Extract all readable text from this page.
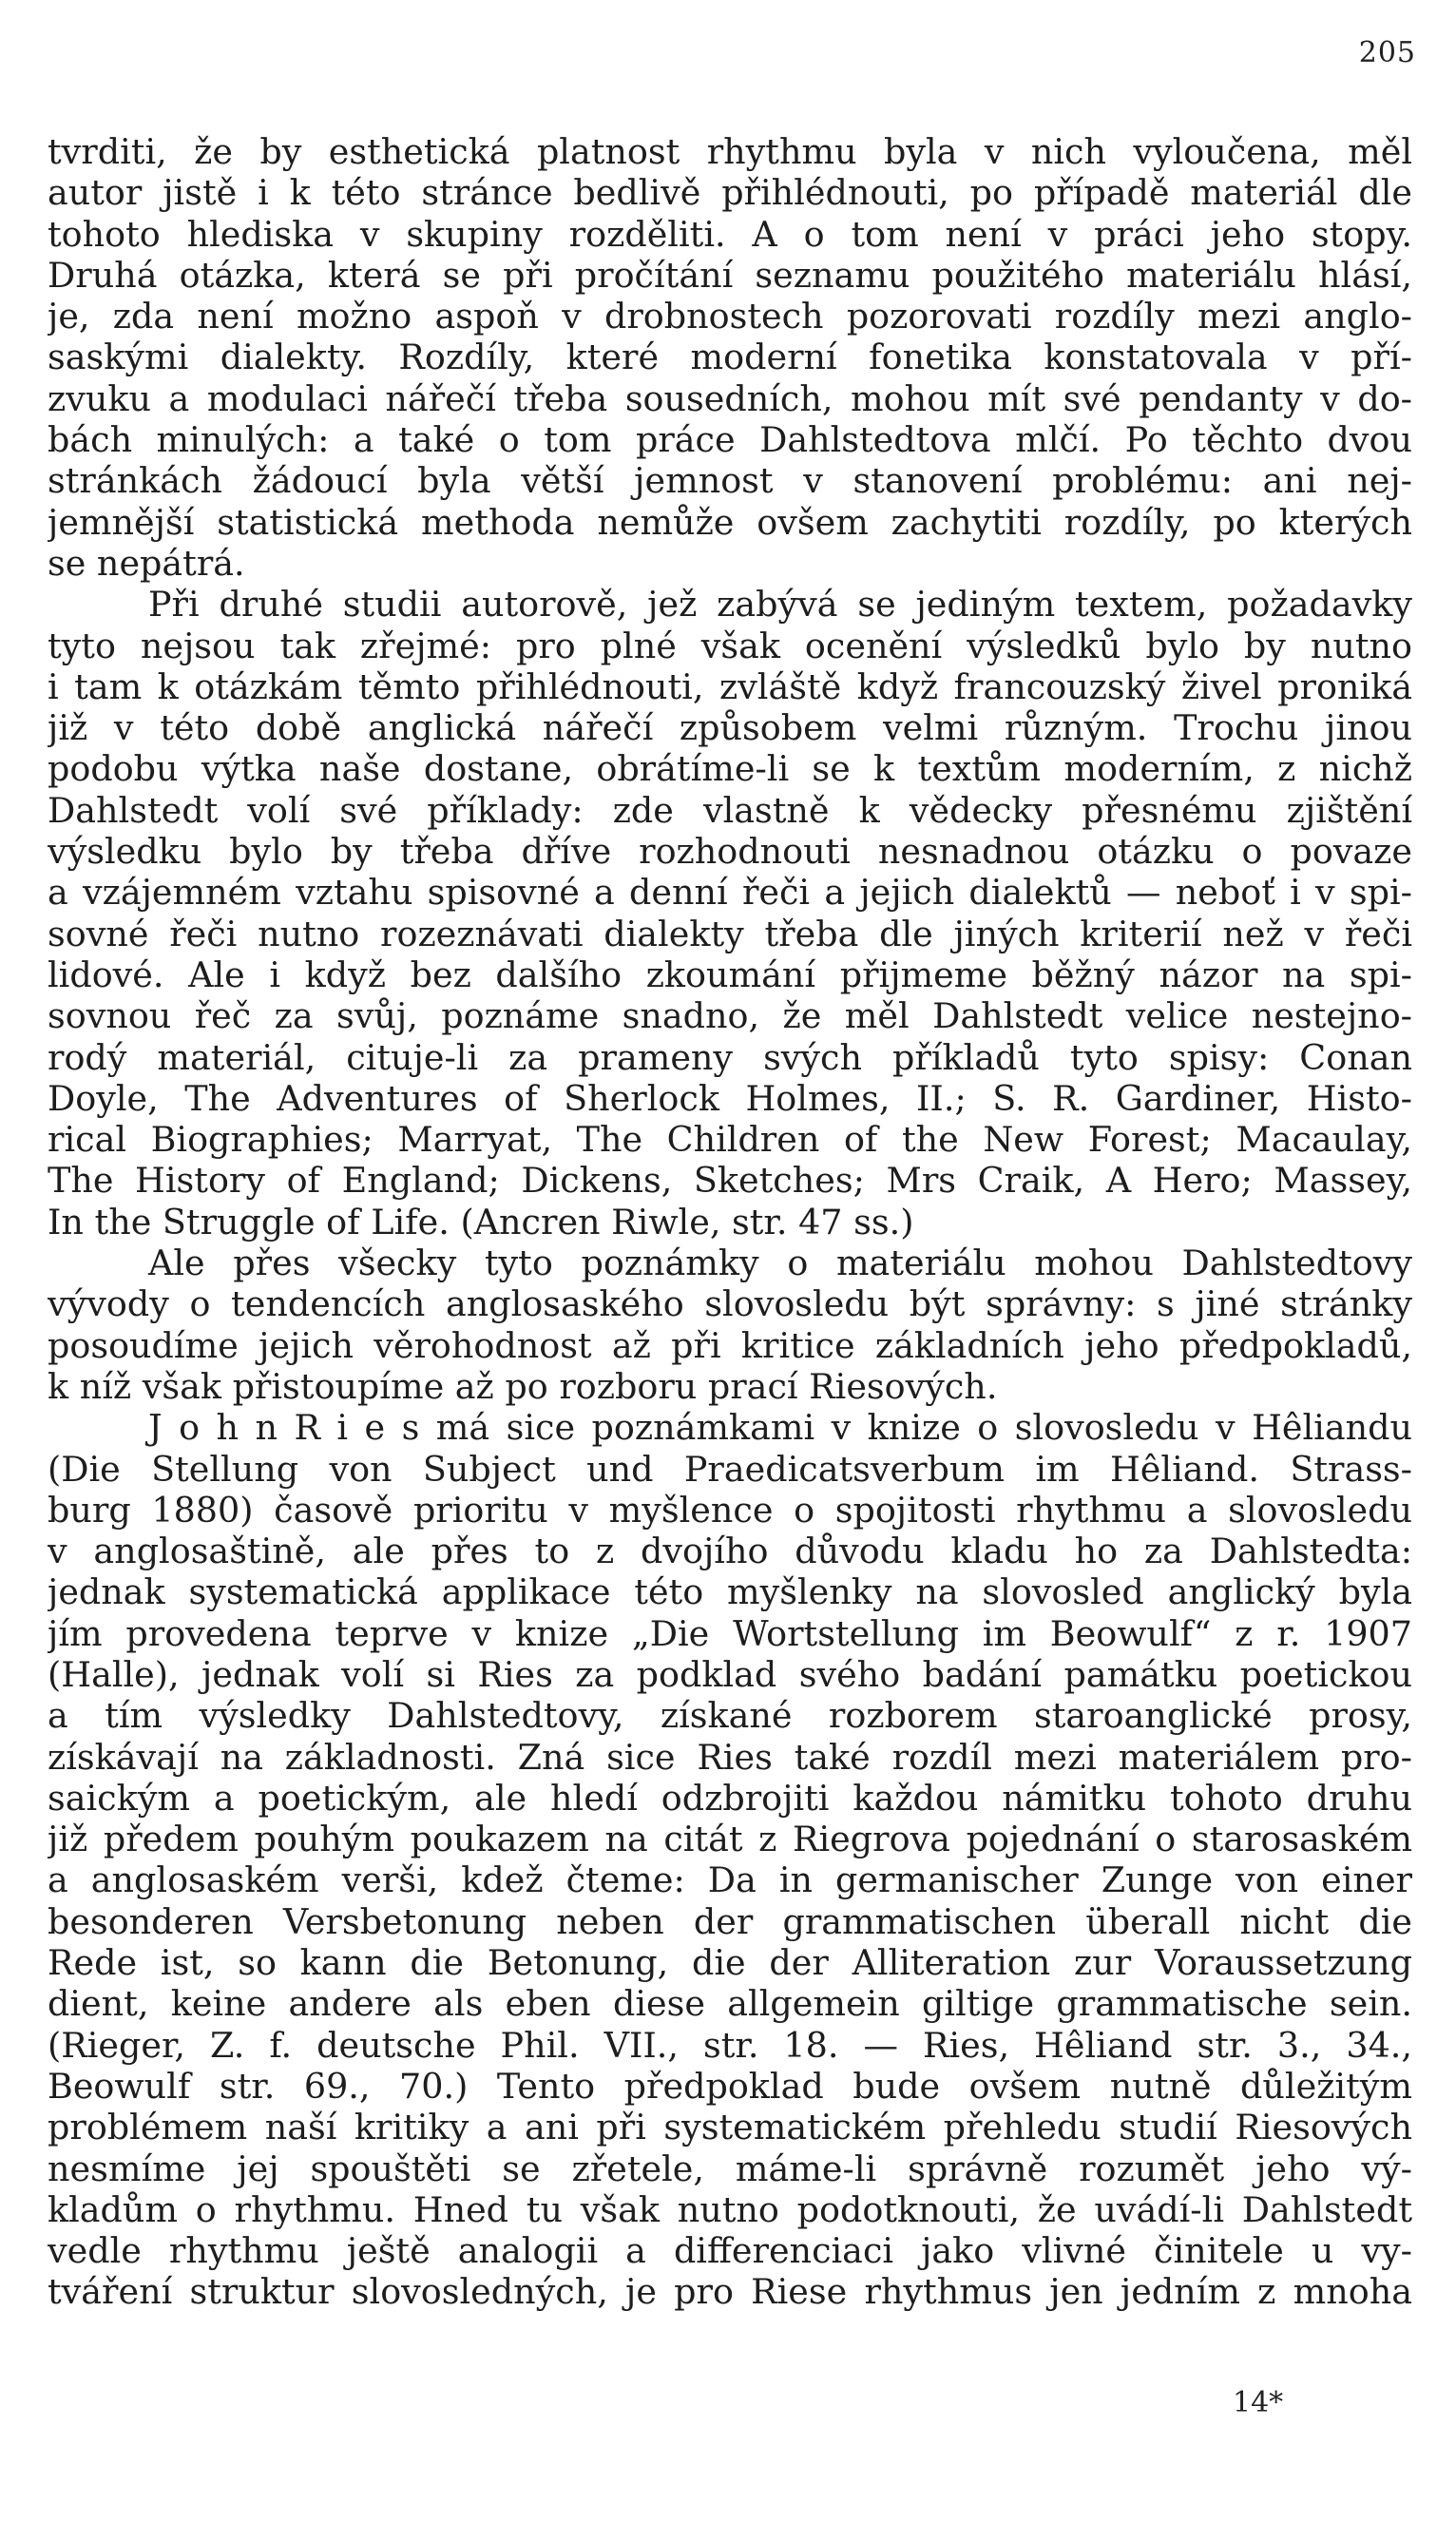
205
tvrditi, že by esthetická platnost rhythmu byla v nich vyloučena, měl
autor jistě i k této stránce bedlivě přihlédnouti, po případě materiál dle
tohoto hlediska v skupiny rozděliti. A o tom není v práci jeho stopy.
Druhá otázka, která se při pročítání seznamu použitého materiálu hlásí,
je, zda není možno aspoň v drobnostech pozorovati rozdíly mezi anglo-
saskými dialekty. Rozdíly, které moderní fonetika konstatovala v pří-
zvuku a modulaci nářečí třeba sousedních, mohou mít své pendanty v do-
bách minulých: a také o tom práce Dahlstedtova mlčí. Po těchto dvou
stránkách žádoucí byla větší jemnost v stanovení problému: ani nej-
jemnější statistická methoda nemůže ovšem zachytiti rozdíly, po kterých
se nepátrá.
Při druhé studii autorově, jež zabývá se jediným textem, požadavky
tyto nejsou tak zřejmé: pro plné však ocenění výsledků bylo by nutno
i tam k otázkám těmto přihlédnouti, zvláště když francouzský živel proniká
již v této době anglická nářečí způsobem velmi různým. Trochu jinou
podobu výtka naše dostane, obrátíme-li se k textům moderním, z nichž
Dahlstedt volí své příklady: zde vlastně k vědecky přesnému zjištění
výsledku bylo by třeba dříve rozhodnouti nesnadnou otázku o povaze
a vzájemném vztahu spisovné a denní řeči a jejich dialektů — neboť i v spi-
sovné řeči nutno rozeznávati dialekty třeba dle jiných kriterií než v řeči
lidové. Ale i když bez dalšího zkoumání přijmeme běžný názor na spi-
sovnou řeč za svůj, poznáme snadno, že měl Dahlstedt velice nestejno-
rodý materiál, cituje-li za prameny svých příkladů tyto spisy: Conan
Doyle, The Adventures of Sherlock Holmes, II.; S. R. Gardiner, Histo-
rical Biographies; Marryat, The Children of the New Forest; Macaulay,
The History of England; Dickens, Sketches; Mrs Craik, A Hero; Massey,
In the Struggle of Life. (Ancren Riwle, str. 47 ss.)
Ale přes všecky tyto poznámky o materiálu mohou Dahlstedtovy
vývody o tendencích anglosaského slovosledu být správny: s jiné stránky
posoudíme jejich věrohodnost až při kritice základních jeho předpokladů,
k níž však přistoupíme až po rozboru prací Riesových.
J o h n R i e s má sice poznámkami v knize o slovosledu v Hêliandu
(Die Stellung von Subject und Praedicatsverbum im Hêliand. Strass-
burg 1880) časově prioritu v myšlence o spojitosti rhythmu a slovosledu
v anglosaštině, ale přes to z dvojího důvodu kladu ho za Dahlstedta:
jednak systematická applikace této myšlenky na slovosled anglický byla
jím provedena teprve v knize „Die Wortstellung im Beowulf“ z r. 1907
(Halle), jednak volí si Ries za podklad svého badání památku poetickou
a tím výsledky Dahlstedtovy, získané rozborem staroanglické prosy,
získávají na základnosti. Zná sice Ries také rozdíl mezi materiálem pro-
saickým a poetickým, ale hledí odzbrojiti každou námitku tohoto druhu
již předem pouhým poukazem na citát z Riegrova pojednání o starosaském
a anglosaském verši, kdež čteme: Da in germanischer Zunge von einer
besonderen Versbetonung neben der grammatischen überall nicht die
Rede ist, so kann die Betonung, die der Alliteration zur Voraussetzung
dient, keine andere als eben diese allgemein giltige grammatische sein.
(Rieger, Z. f. deutsche Phil. VII., str. 18. — Ries, Hêliand str. 3., 34.,
Beowulf str. 69., 70.) Tento předpoklad bude ovšem nutně důležitým
problémem naší kritiky a ani při systematickém přehledu studií Riesových
nesmíme jej spouštěti se zřetele, máme-li správně rozumět jeho vý-
kladům o rhythmu. Hned tu však nutno podotknouti, že uvádí-li Dahlstedt
vedle rhythmu ještě analogii a differenciaci jako vlivné činitele u vy-
tváření struktur slovosledných, je pro Riese rhythmus jen jedním z mnoha
14*
